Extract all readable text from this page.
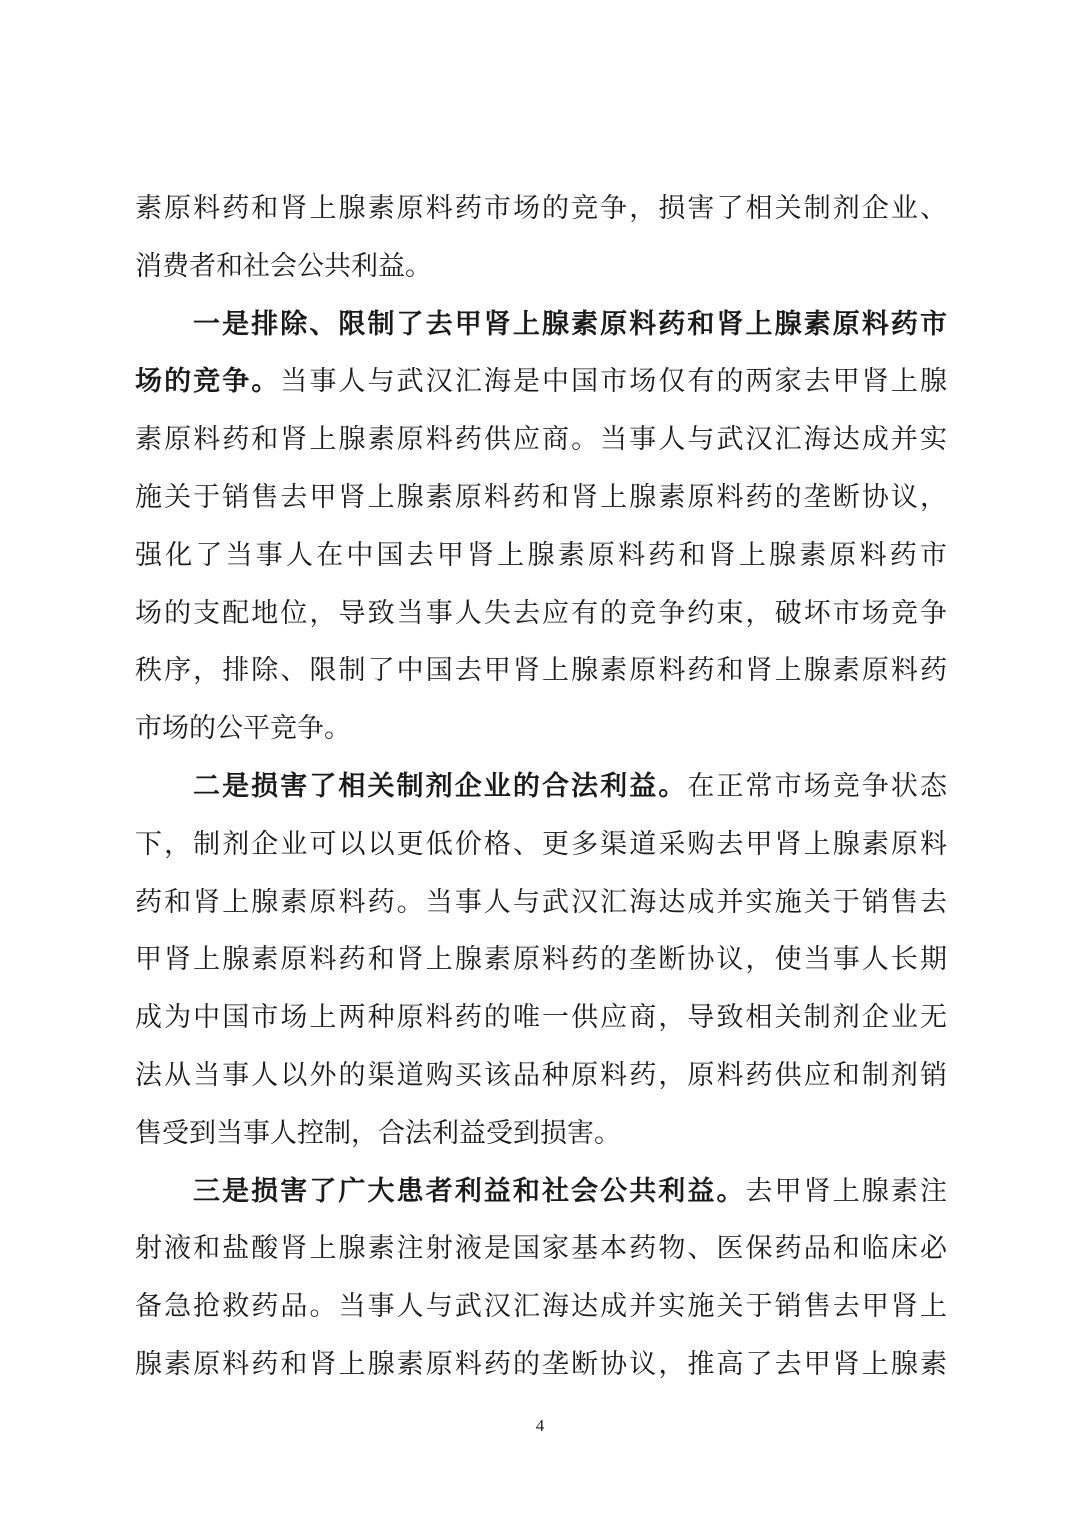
素原料药和肾上腺素原料药市场的竞争，损害了相关制剂企业、
消费者和社会公共利益。
一是排除、限制了去甲肾上腺素原料药和肾上腺素原料药市
场的竞争。当事人与武汉汇海是中国市场仅有的两家去甲肾上腺
素原料药和肾上腺素原料药供应商。当事人与武汉汇海达成并实
施关于销售去甲肾上腺素原料药和肾上腺素原料药的垄断协议，
强化了当事人在中国去甲肾上腺素原料药和肾上腺素原料药市
场的支配地位，导致当事人失去应有的竞争约束，破坏市场竞争
秩序，排除、限制了中国去甲肾上腺素原料药和肾上腺素原料药
市场的公平竞争。
二是损害了相关制剂企业的合法利益。在正常市场竞争状态
下，制剂企业可以以更低价格、更多渠道采购去甲肾上腺素原料
药和肾上腺素原料药。当事人与武汉汇海达成并实施关于销售去
甲肾上腺素原料药和肾上腺素原料药的垄断协议，使当事人长期
成为中国市场上两种原料药的唯一供应商，导致相关制剂企业无
法从当事人以外的渠道购买该品种原料药，原料药供应和制剂销
售受到当事人控制，合法利益受到损害。
三是损害了广大患者利益和社会公共利益。去甲肾上腺素注
射液和盐酸肾上腺素注射液是国家基本药物、医保药品和临床必
备急抢救药品。当事人与武汉汇海达成并实施关于销售去甲肾上
腺素原料药和肾上腺素原料药的垄断协议，推高了去甲肾上腺素
4
